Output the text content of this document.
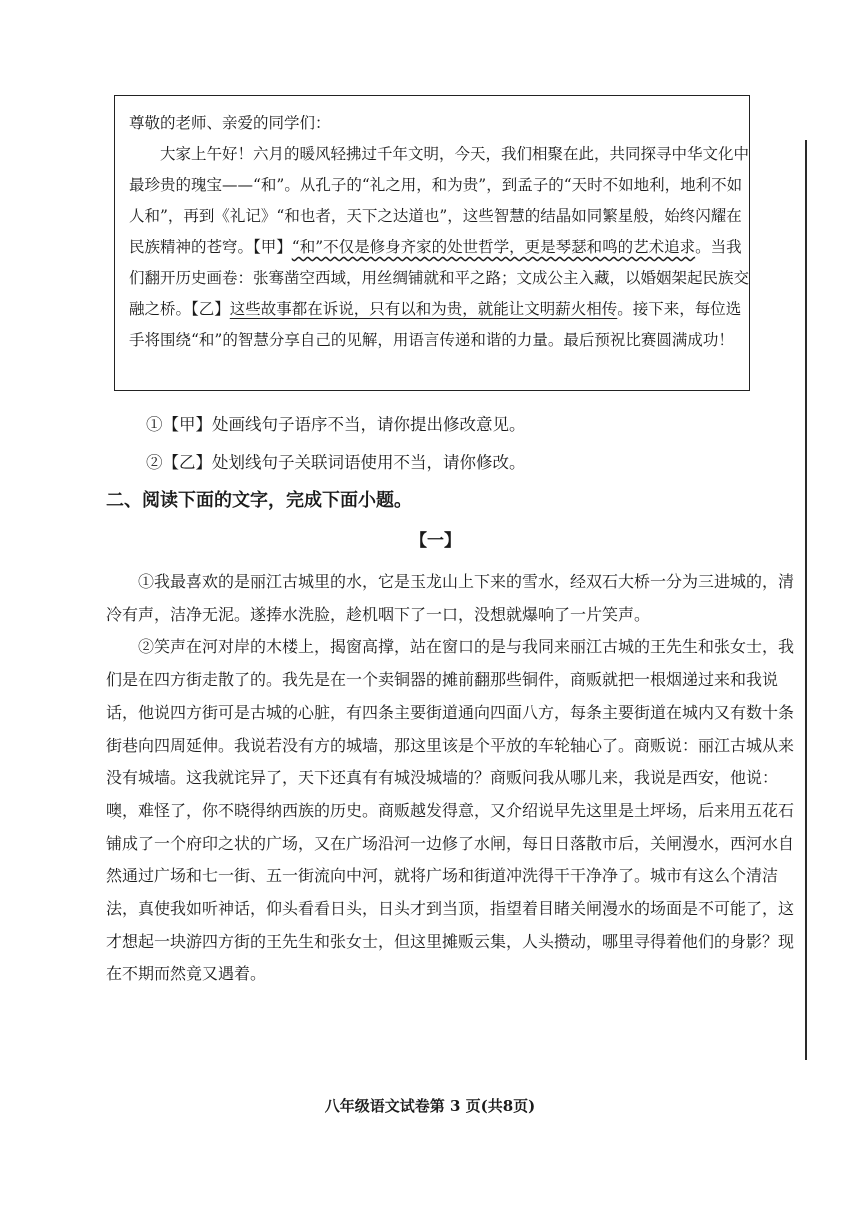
尊敬的老师、亲爱的同学们：

大家上午好！六月的暖风轻拂过千年文明，今天，我们相聚在此，共同探寻中华文化中最珍贵的瑰宝——“和”。从孔子的“礼之用，和为贵”，到孟子的“天时不如地利，地利不如人和”，再到《礼记》“和也者，天下之达道也”，这些智慧的结晶如同繁星般，始终闪耀在民族精神的苍穹。【甲】“和”不仅是修身齐家的处世哲学，更是琴瑟和鸣的艺术追求。当我们翻开历史画卷：张骞凿空西域，用丝绸铺就和平之路；文成公主入藏，以婚姻架起民族交融之桥。【乙】这些故事都在诉说，只有以和为贵，就能让文明薪火相传。接下来，每位选手将围绕“和”的智慧分享自己的见解，用语言传递和谐的力量。最后预祝比赛圆满成功！

①【甲】处画线句子语序不当，请你提出修改意见。
②【乙】处划线句子关联词语使用不当，请你修改。
二、阅读下面的文字，完成下面小题。
【一】

①我最喜欢的是丽江古城里的水，它是玉龙山上下来的雪水，经双石大桥一分为三进城的，清冷有声，洁净无泥。遂捧水洗脸，趁机咽下了一口，没想就爆响了一片笑声。

②笑声在河对岸的木楼上，揭窗高撑，站在窗口的是与我同来丽江古城的王先生和张女士，我们是在四方街走散了的。我先是在一个卖铜器的摊前翻那些铜件，商贩就把一根烟递过来和我说话，他说四方街可是古城的心脏，有四条主要街道通向四面八方，每条主要街道在城内又有数十条街巷向四周延伸。我说若没有方的城墙，那这里该是个平放的车轮轴心了。商贩说：丽江古城从来没有城墙。这我就诧异了，天下还真有有城没城墙的？商贩问我从哪儿来，我说是西安，他说：噢，难怪了，你不晓得纳西族的历史。商贩越发得意，又介绍说早先这里是土坪场，后来用五花石铺成了一个府印之状的广场，又在广场沿河一边修了水闸，每日日落散市后，关闸漫水，西河水自然通过广场和七一街、五一街流向中河，就将广场和街道冲洗得干干净净了。城市有这么个清洁法，真使我如听神话，仰头看看日头，日头才到当顶，指望着目睹关闸漫水的场面是不可能了，这才想起一块游四方街的王先生和张女士，但这里摊贩云集，人头攒动，哪里寻得着他们的身影？现在不期而然竟又遇着。

八年级语文试卷第 3 页(共8页)
